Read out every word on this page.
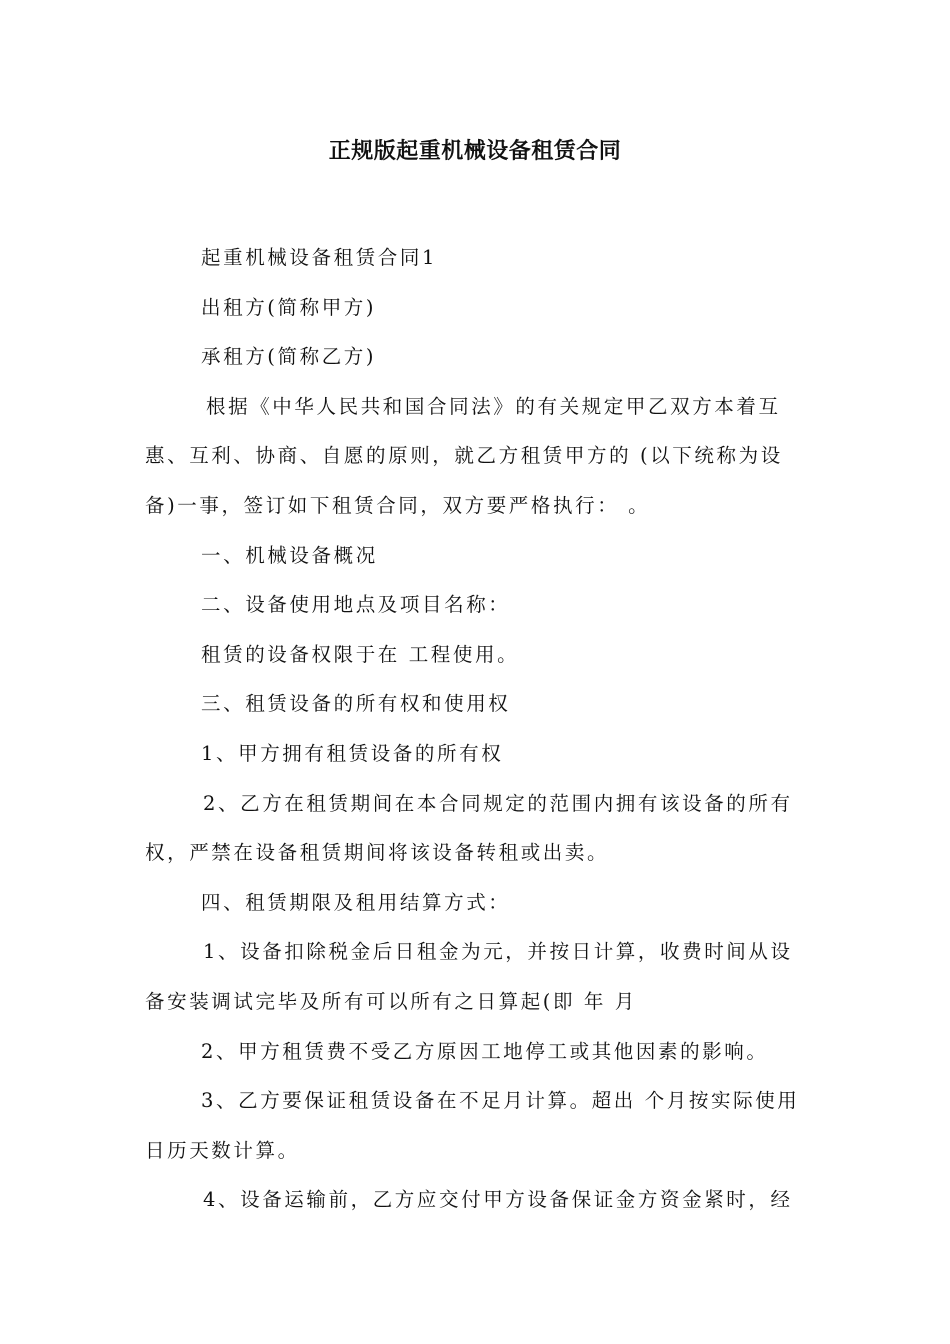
正规版起重机械设备租赁合同
起重机械设备租赁合同1
出租方(简称甲方)
承租方(简称乙方)
根据《中华人民共和国合同法》的有关规定甲乙双方本着互
惠、互利、协商、自愿的原则，就乙方租赁甲方的 (以下统称为设
备)一事，签订如下租赁合同，双方要严格执行： 。
一、机械设备概况
二、设备使用地点及项目名称：
租赁的设备权限于在 工程使用。
三、租赁设备的所有权和使用权
1、甲方拥有租赁设备的所有权
2、乙方在租赁期间在本合同规定的范围内拥有该设备的所有
权，严禁在设备租赁期间将该设备转租或出卖。
四、租赁期限及租用结算方式：
1、设备扣除税金后日租金为元，并按日计算，收费时间从设
备安装调试完毕及所有可以所有之日算起(即 年 月
2、甲方租赁费不受乙方原因工地停工或其他因素的影响。
3、乙方要保证租赁设备在不足月计算。超出 个月按实际使用
日历天数计算。
4、设备运输前，乙方应交付甲方设备保证金方资金紧时，经
